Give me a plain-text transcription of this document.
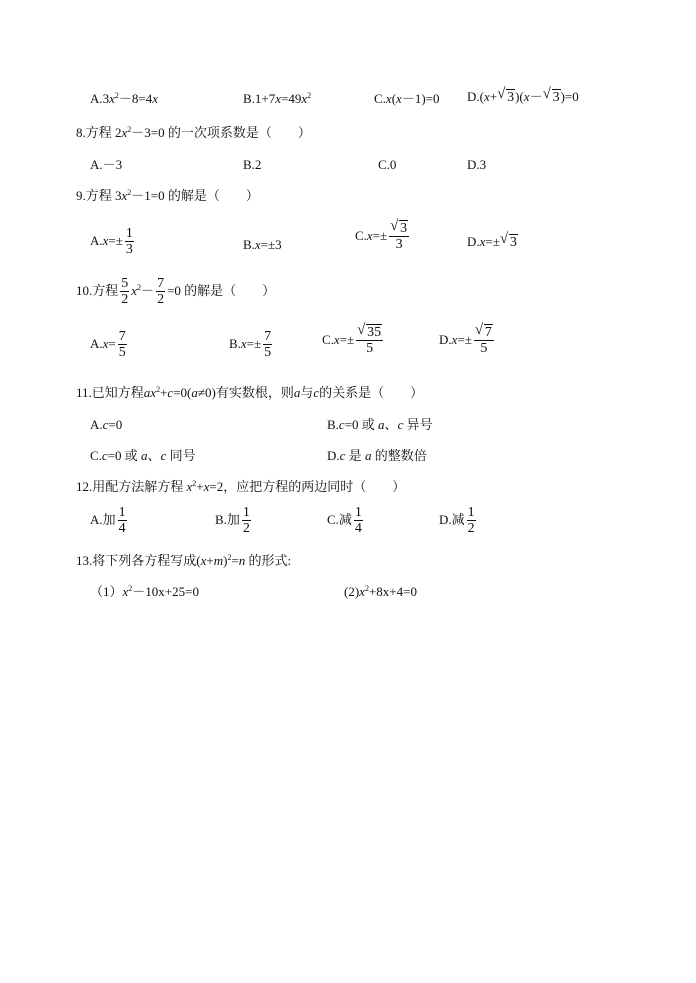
$A.3x^2-8=4x$	$B.1+7x=49x^2$	C.x(x－1)=0 D.(x+ √ 3)(x－ √ 3)=0
8.方程 $2x^2-3=0$ 的一次项系数是（　　）
A.－3	B.2	C.0	D.3
9.方程 $3x^2-1=0$ 的解是（　　）
$A.x=\pm \frac{1}{3}$	B.x=±3
$C.x=\pm \frac{√ 3}{3}$	D.x=± √ 3
10.方程 $\frac{5}{2} x^2- \frac{7}{2} =0$ 的解是（　　）
$A.x= \frac{7}{5}$	$B.x=\pm \frac{7}{5}$	$C.x=\pm \frac{√ 35}{5}$	$D.x=\pm \frac{√ 7}{5}$
11.已知方程$ax^2+c=0(a\ne 0)$有实数根，则a与c的关系是（　　）
A.c=0	B.c=0 或 a、c 异号
C.c=0 或 a、c 同号	D.c 是 a 的整数倍
12.用配方法解方程 $x^2+x=2$，应把方程的两边同时（　　）
A.加 $\frac{1}{4}$	B.加 $\frac{1}{2}$	C.减 $\frac{1}{4}$	D.减 $\frac{1}{2}$
13.将下列各方程写成$(x+m)^2=n$ 的形式:
$(1)x^2-10x+25=0$	$(2)x^2+8x+4=0$
